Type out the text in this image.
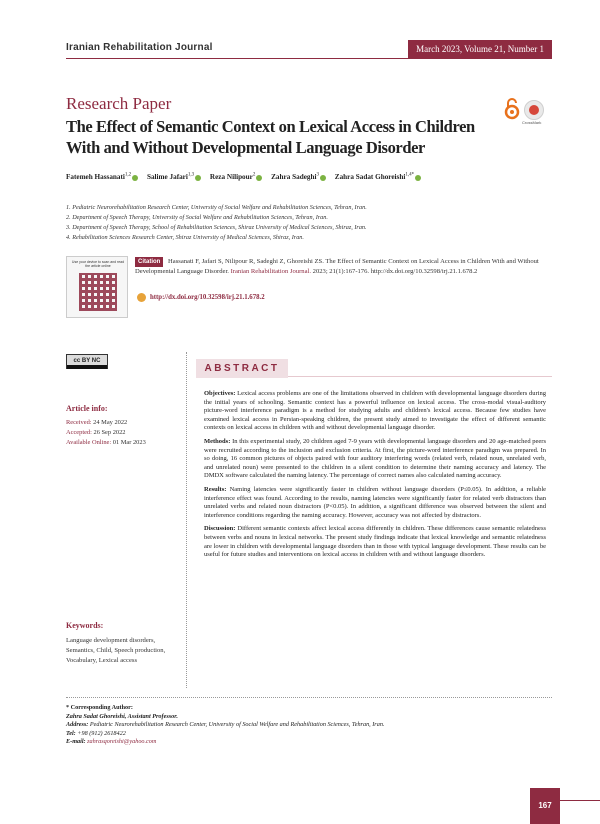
Iranian Rehabilitation Journal	March 2023, Volume 21, Number 1
Research Paper
The Effect of Semantic Context on Lexical Access in Children With and Without Developmental Language Disorder
CrossMark
Fatemeh Hassanati$^{1,2}$ Salime Jafari$^{1,3}$ Reza Nilipour$^2$ Zahra Sadeghi$^3$ Zahra Sadat Ghoreishi$^{1,4*}$
1. Pediatric Neurorehabilitation Research Center, University of Social Welfare and Rehabilitation Sciences, Tehran, Iran.
2. Department of Speech Therapy, University of Social Welfare and Rehabilitation Sciences, Tehran, Iran.
3. Department of Speech Therapy, School of Rehabilitation Sciences, Shiraz University of Medical Sciences, Shiraz, Iran.
4. Rehabilitation Sciences Research Center, Shiraz University of Medical Sciences, Shiraz, Iran.
Use your device to scan and read the article online
Citation Hassanati F, Jafari S, Nilipour R, Sadeghi Z, Ghoreishi ZS. The Effect of Semantic Context on Lexical Access in Children With and Without Developmental Language Disorder. Iranian Rehabilitation Journal. 2023; 21(1):167-176. http://dx.doi.org/10.32598/irj.21.1.678.2
http://dx.doi.org/10.32598/irj.21.1.678.2
cc BY NC
Article info:
Received: 24 May 2022
Accepted: 26 Sep 2022
Available Online: 01 Mar 2023
Keywords:
Language development disorders, Semantics, Child, Speech production, Vocabulary, Lexical access
ABSTRACT

Objectives: Lexical access problems are one of the limitations observed in children with developmental language disorders during the initial years of schooling. Semantic context has a powerful influence on lexical access. The cross-modal visual-auditory picture-word interference paradigm is a method for studying adults and children's lexical access. Because few studies have examined lexical access in Persian-speaking children, the present study aimed to investigate the effect of different semantic contexts on lexical access in children with and without developmental language disorder.

Methods: In this experimental study, 20 children aged 7-9 years with developmental language disorders and 20 age-matched peers were recruited according to the inclusion and exclusion criteria. At first, the picture-word interference paradigm was prepared. In so doing, 16 common pictures of objects paired with four auditory interfering words (related verb, related noun, unrelated verb, and unrelated noun) were presented to the children in a silent condition to determine their naming accuracy and latency. The DMDX software calculated the naming latency. The percentage of correct names also calculated naming accuracy.

Results: Naming latencies were significantly faster in children without language disorders (P≤0.05). In addition, a reliable interference effect was found. According to the results, naming latencies were significantly faster for related verb distractors than unrelated verbs and related noun distractors (P<0.05). In addition, a significant difference was observed between the silent and interference conditions regarding the naming accuracy. However, accuracy was not affected by distractors.

Discussion: Different semantic contexts affect lexical access differently in children. These differences cause semantic relatedness between verbs and nouns in lexical networks. The present study findings indicate that lexical knowledge and semantic relatedness are lower in children with developmental language disorders than in those with typical language development. These results can be useful for future studies and interventions on lexical access in children with and without language disorders.

* Corresponding Author:
Zahra Sadat Ghoreishi, Assistant Professor.
Address: Pediatric Neurorehabilitation Research Center, University of Social Welfare and Rehabilitation Sciences, Tehran, Iran.
Tel: +98 (912) 2618422
E-mail: zahrasqoreishi@yahoo.com
167
